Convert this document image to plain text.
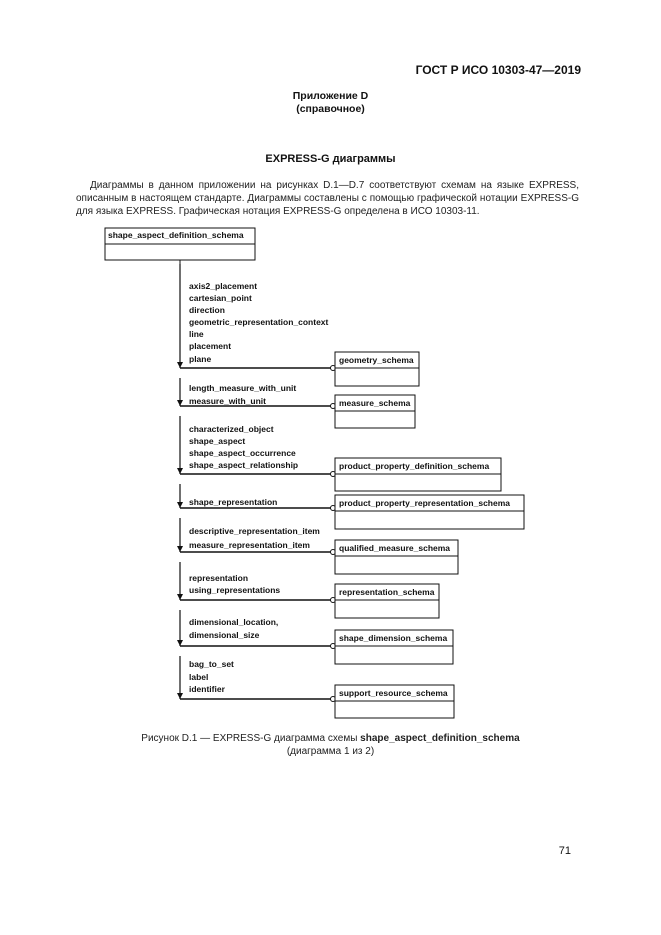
ГОСТ Р ИСО 10303-47—2019
Приложение D
(справочное)
EXPRESS-G диаграммы
Диаграммы в данном приложении на рисунках D.1—D.7 соответствуют схемам на языке EXPRESS, описанным в настоящем стандарте. Диаграммы составлены с помощью графической нотации EXPRESS-G для языка EXPRESS. Графическая нотация EXPRESS-G определена в ИСО 10303-11.
shape_aspect_definition_schema
axis2_placement
cartesian_point
direction
geometric_representation_context
line
placement
plane	geometry_schema
length_measure_with_unit
measure_with_unit	measure_schema
characterized_object
shape_aspect
shape_aspect_occurrence
shape_aspect_relationship	product_property_definition_schema
shape_representation	product_property_representation_schema
descriptive_representation_item
measure_representation_item	qualified_measure_schema
representation
using_representations	representation_schema
dimensional_location,
dimensional_size	shape_dimension_schema
bag_to_set
label
identifier	support_resource_schema
Рисунок D.1 — EXPRESS-G диаграмма схемы shape_aspect_definition_schema
(диаграмма 1 из 2)
71
